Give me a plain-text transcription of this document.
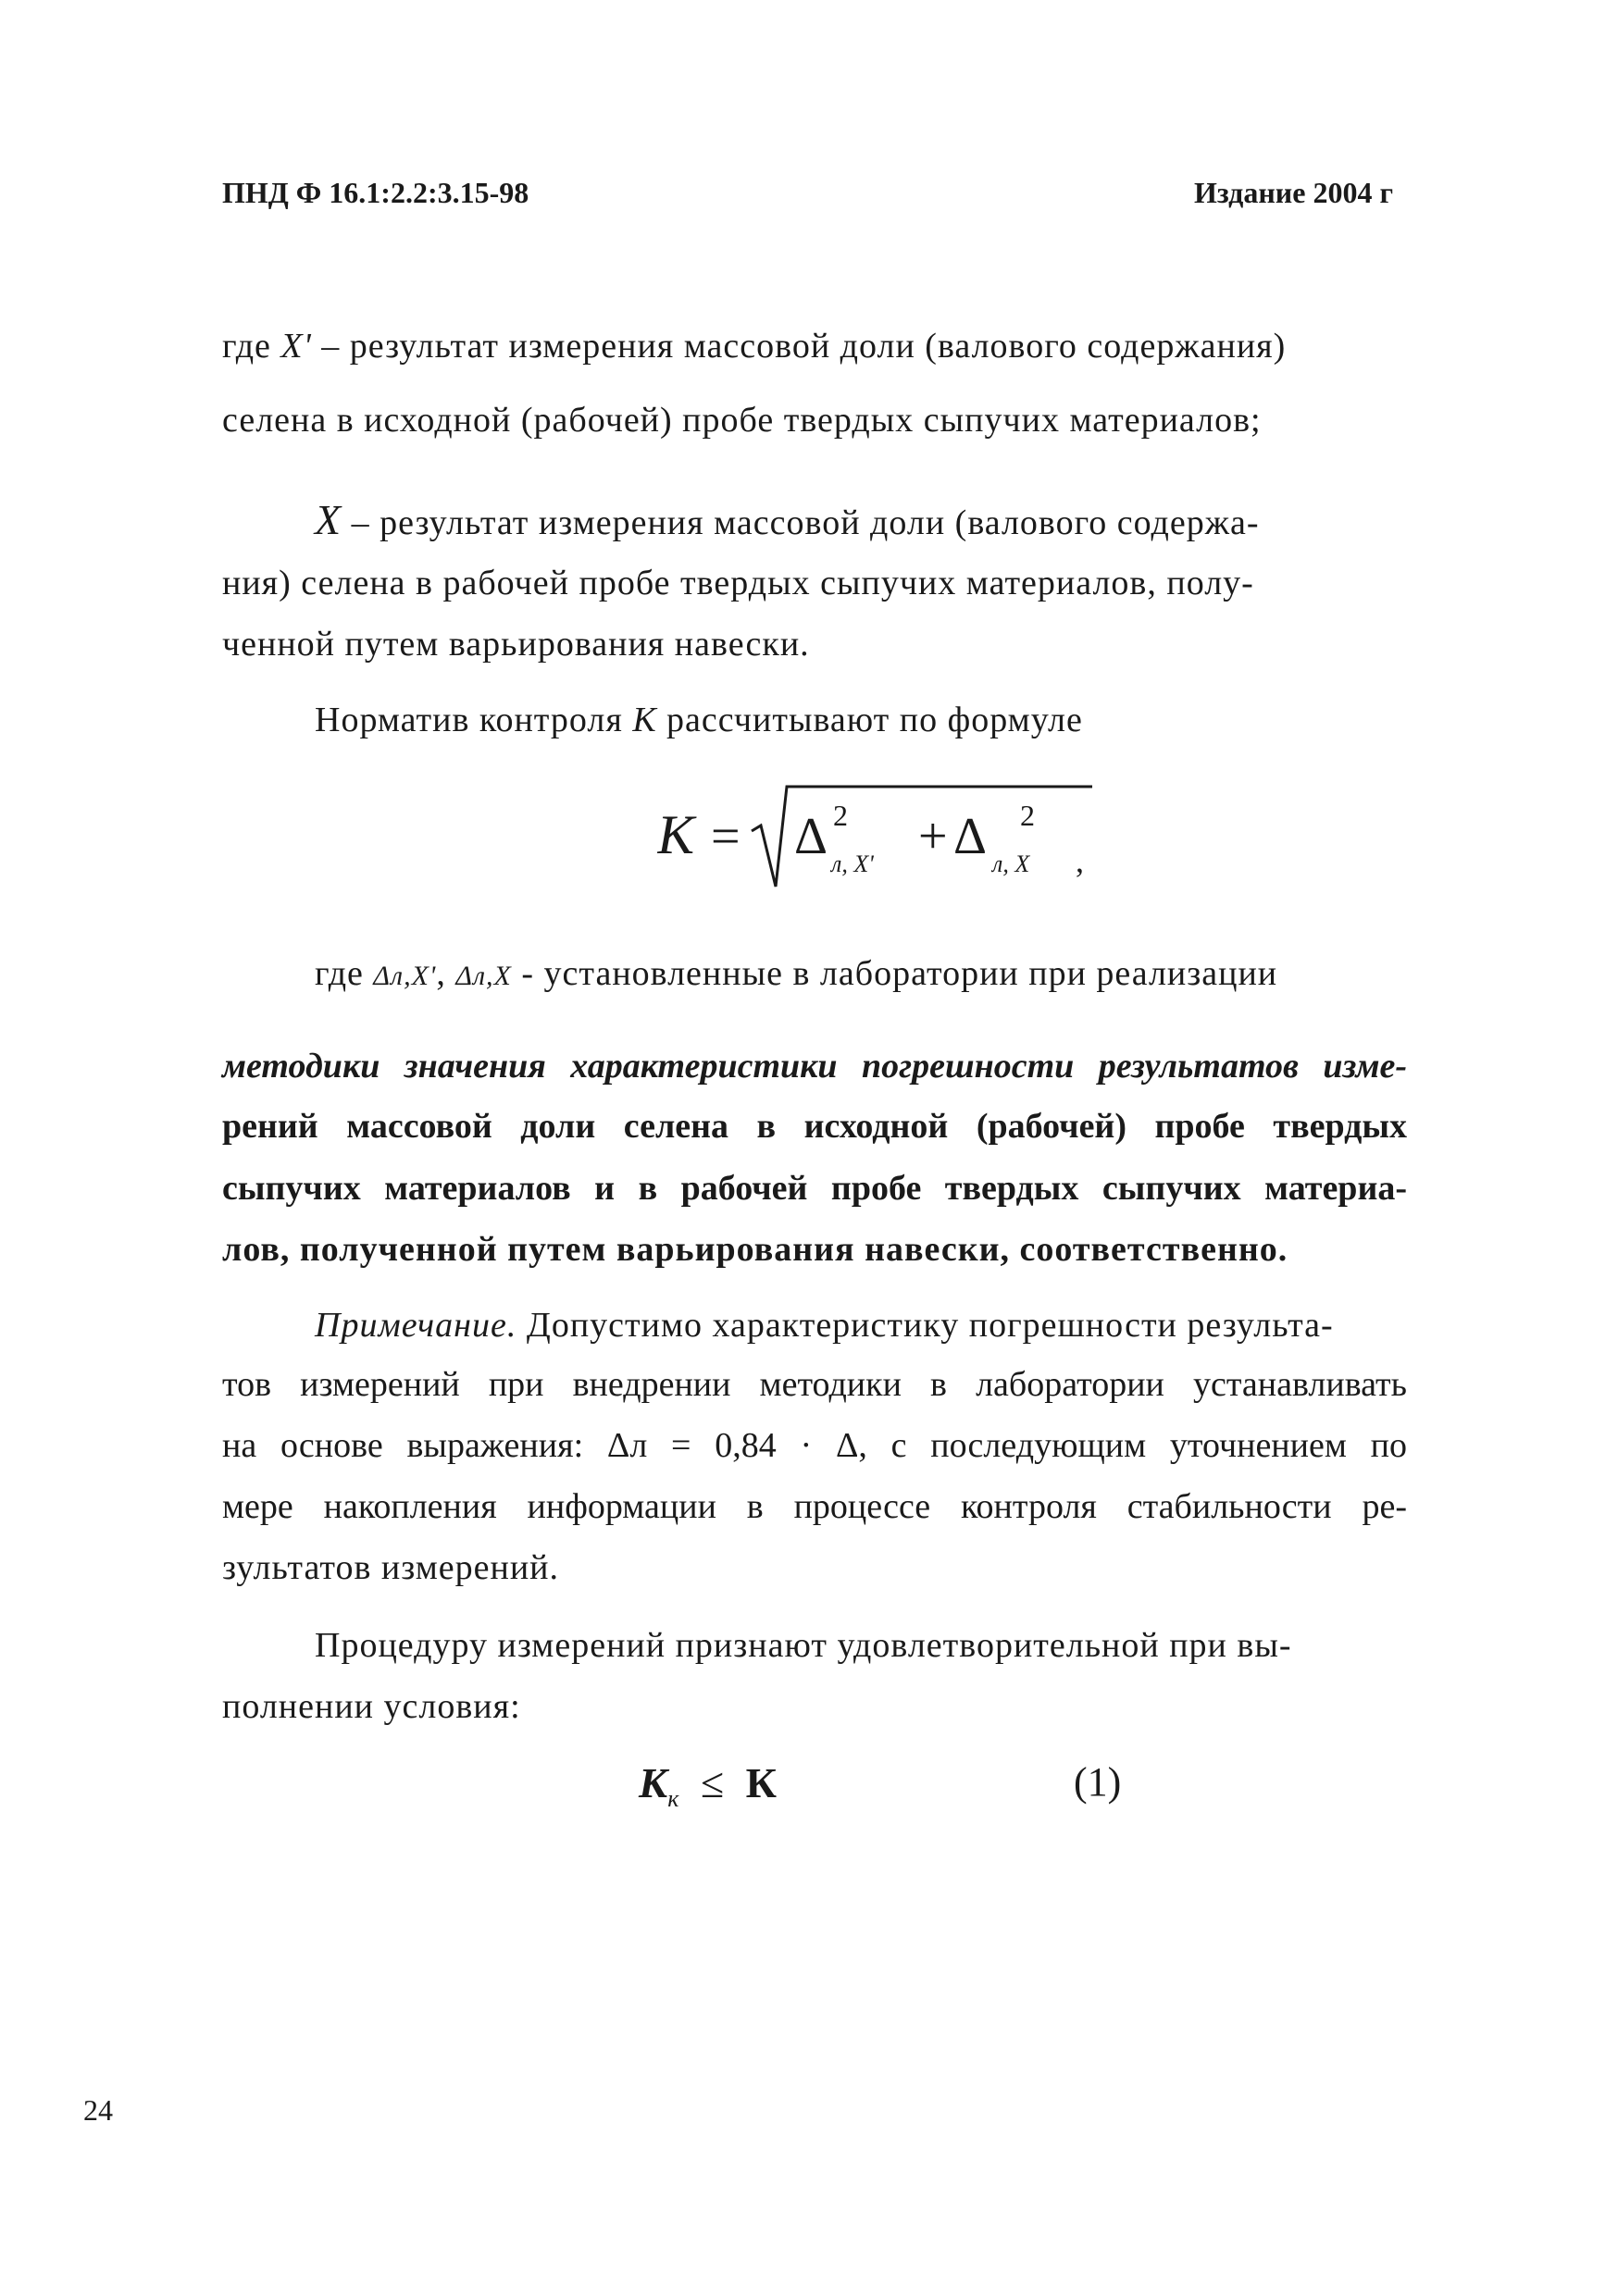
ПНД Ф 16.1:2.2:3.15-98	Издание 2004 г
где X' – результат измерения массовой доли (валового содержания)
селена в исходной (рабочей) пробе твердых сыпучих материалов;
X – результат измерения массовой доли (валового содержа-
ния) селена в рабочей пробе твердых сыпучих материалов, полу-
ченной путем варьирования навески.
Норматив контроля К рассчитывают по формуле
К = Δ 2
л, X' + Δ 2
л, X ,
где Δл,X', Δл,X - установленные в лаборатории при реализации
методики значения характеристики погрешности результатов изме-
рений массовой доли селена в исходной (рабочей) пробе твердых
сыпучих материалов и в рабочей пробе твердых сыпучих материа-
лов, полученной путем варьирования навески, соответственно.
Примечание. Допустимо характеристику погрешности результа-
тов измерений при внедрении методики в лаборатории устанавливать
на основе выражения: Δл = 0,84 · Δ, с последующим уточнением по
мере накопления информации в процессе контроля стабильности ре-
зультатов измерений.
Процедуру измерений признают удовлетворительной при вы-
полнении условия:
$К_к \le К$	(1)
24
